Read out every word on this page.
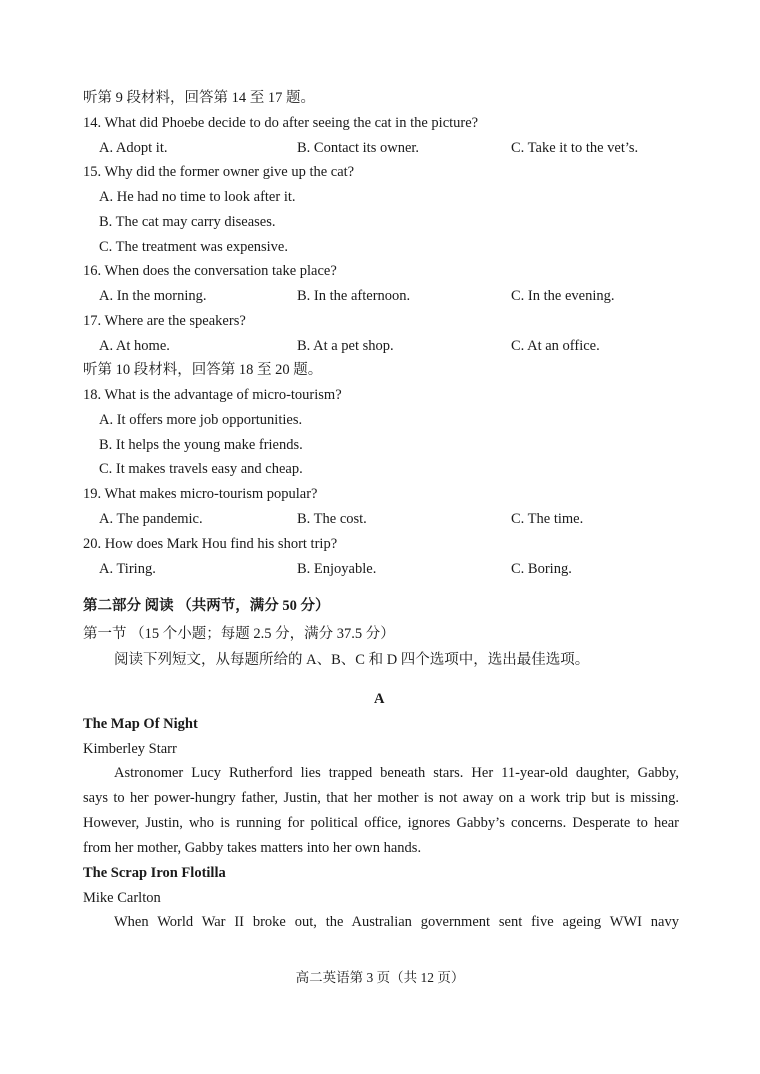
听第 9 段材料，回答第 14 至 17 题。
14. What did Phoebe decide to do after seeing the cat in the picture?
A. Adopt it.	B. Contact its owner.	C. Take it to the vet’s.
15. Why did the former owner give up the cat?
A. He had no time to look after it.
B. The cat may carry diseases.
C. The treatment was expensive.
16. When does the conversation take place?
A. In the morning.	B. In the afternoon.	C. In the evening.
17. Where are the speakers?
A. At home.	B. At a pet shop.	C. At an office.
听第 10 段材料，回答第 18 至 20 题。
18. What is the advantage of micro-tourism?
A. It offers more job opportunities.
B. It helps the young make friends.
C. It makes travels easy and cheap.
19. What makes micro-tourism popular?
A. The pandemic.	B. The cost.	C. The time.
20. How does Mark Hou find his short trip?
A. Tiring.	B. Enjoyable.	C. Boring.
第二部分 阅读 （共两节，满分 50 分）
第一节 （15 个小题；每题 2.5 分，满分 37.5 分）
阅读下列短文，从每题所给的 A、B、C 和 D 四个选项中，选出最佳选项。
A
The Map Of Night
Kimberley Starr
Astronomer Lucy Rutherford lies trapped beneath stars. Her 11-year-old daughter, Gabby,
says to her power-hungry father, Justin, that her mother is not away on a work trip but is missing.
However, Justin, who is running for political office, ignores Gabby’s concerns. Desperate to hear
from her mother, Gabby takes matters into her own hands.
The Scrap Iron Flotilla
Mike Carlton
When World War II broke out, the Australian government sent five ageing WWI navy
高二英语第 3 页（共 12 页）
